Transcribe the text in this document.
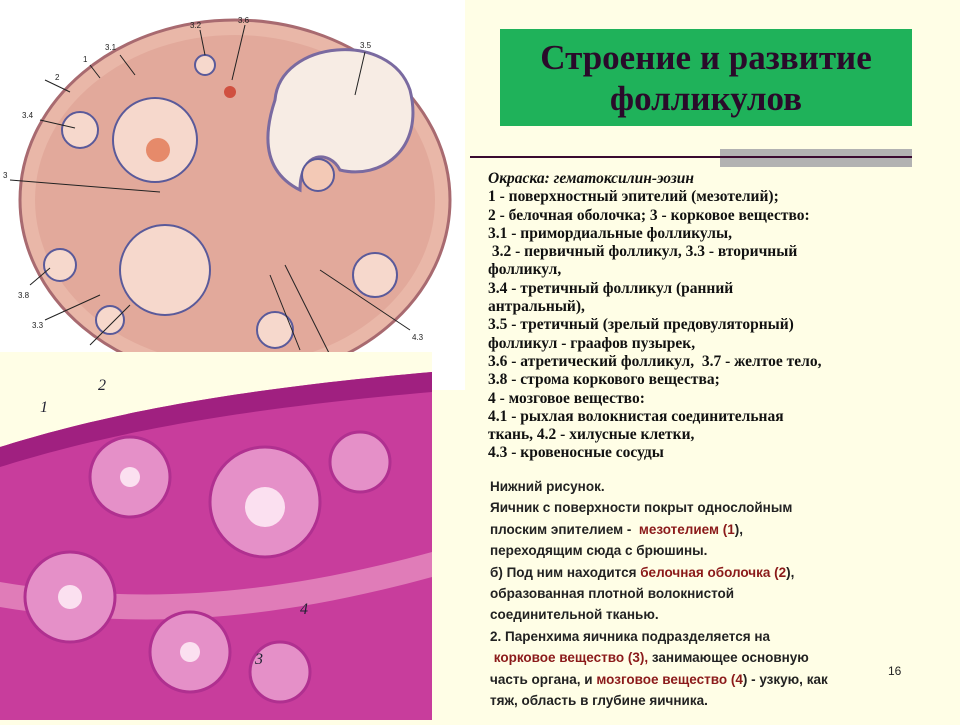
1
2
3.1
3.2
3.6
3.5
3.4
3
3.8
3.3
4.3
1
2
4
3
Строение и развитие
фолликулов
Окраска: гематоксилин-эозин
1 - поверхностный эпителий (мезотелий);
2 - белочная оболочка; 3 - корковое вещество:
3.1 - примордиальные фолликулы,
3.2 - первичный фолликул, 3.3 - вторичный
фолликул,
3.4 - третичный фолликул (ранний
антральный),
3.5 - третичный (зрелый предовуляторный)
фолликул - граафов пузырек,
3.6 - атретический фолликул,  3.7 - желтое тело,
3.8 - строма коркового вещества;
4 - мозговое вещество:
4.1 - рыхлая волокнистая соединительная
ткань, 4.2 - хилусные клетки,
4.3 - кровеносные сосуды
Нижний рисунок.
Яичник с поверхности покрыт однослойным
плоским эпителием -  мезотелием (1),
переходящим сюда с брюшины.
б) Под ним находится белочная оболочка (2),
образованная плотной волокнистой
соединительной тканью.
2. Паренхима яичника подразделяется на
корковое вещество (3), занимающее основную
часть органа, и мозговое вещество (4) - узкую, как
тяж, область в глубине яичника.
16
